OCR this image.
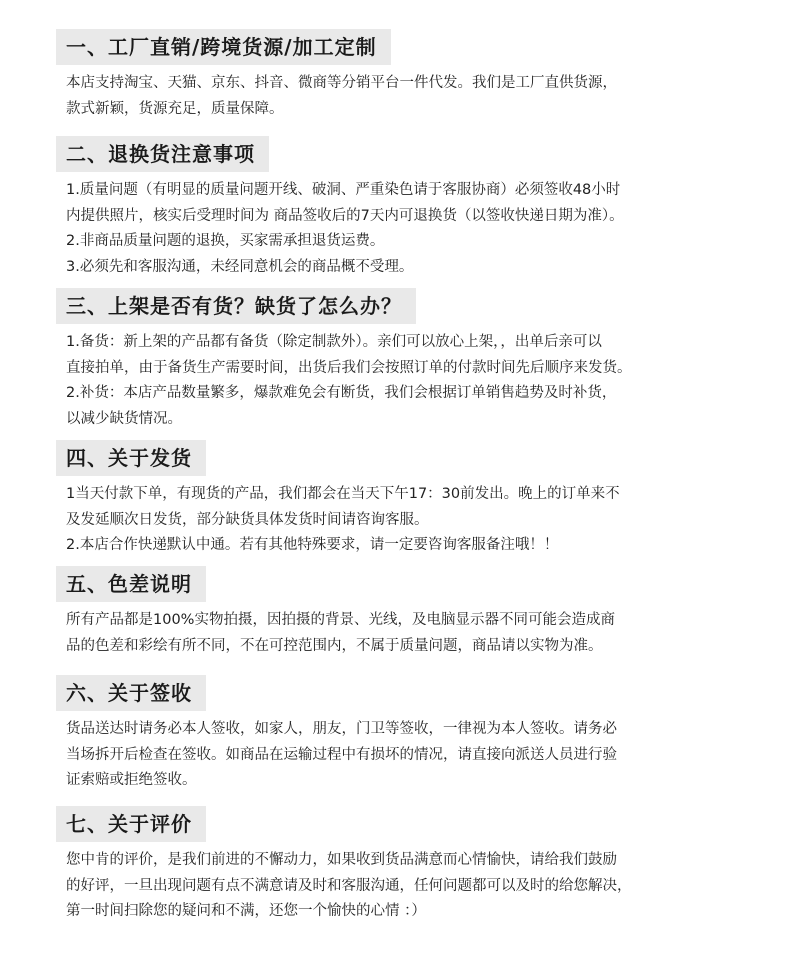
一、工厂直销/跨境货源/加工定制
本店支持淘宝、天猫、京东、抖音、微商等分销平台一件代发。我们是工厂直供货源，
款式新颖，货源充足，质量保障。
二、退换货注意事项
1.质量问题（有明显的质量问题开线、破洞、严重染色请于客服协商）必须签收48小时
内提供照片，核实后受理时间为 商品签收后的7天内可退换货（以签收快递日期为准）。
2.非商品质量问题的退换，买家需承担退货运费。
3.必须先和客服沟通，未经同意机会的商品概不受理。
三、上架是否有货？缺货了怎么办？
1.备货：新上架的产品都有备货（除定制款外）。亲们可以放心上架，，出单后亲可以
直接拍单，由于备货生产需要时间，出货后我们会按照订单的付款时间先后顺序来发货。
2.补货：本店产品数量繁多，爆款难免会有断货，我们会根据订单销售趋势及时补货，
以减少缺货情况。
四、关于发货
1当天付款下单，有现货的产品，我们都会在当天下午17：30前发出。晚上的订单来不
及发延顺次日发货，部分缺货具体发货时间请咨询客服。
2.本店合作快递默认中通。若有其他特殊要求，请一定要咨询客服备注哦！！
五、色差说明
所有产品都是100%实物拍摄，因拍摄的背景、光线，及电脑显示器不同可能会造成商
品的色差和彩绘有所不同，不在可控范围内，不属于质量问题，商品请以实物为准。
六、关于签收
货品送达时请务必本人签收，如家人，朋友，门卫等签收，一律视为本人签收。请务必
当场拆开后检查在签收。如商品在运输过程中有损坏的情况，请直接向派送人员进行验
证索赔或拒绝签收。
七、关于评价
您中肯的评价，是我们前进的不懈动力，如果收到货品满意而心情愉快，请给我们鼓励
的好评，一旦出现问题有点不满意请及时和客服沟通，任何问题都可以及时的给您解决，
第一时间扫除您的疑问和不满，还您一个愉快的心情 ：）
